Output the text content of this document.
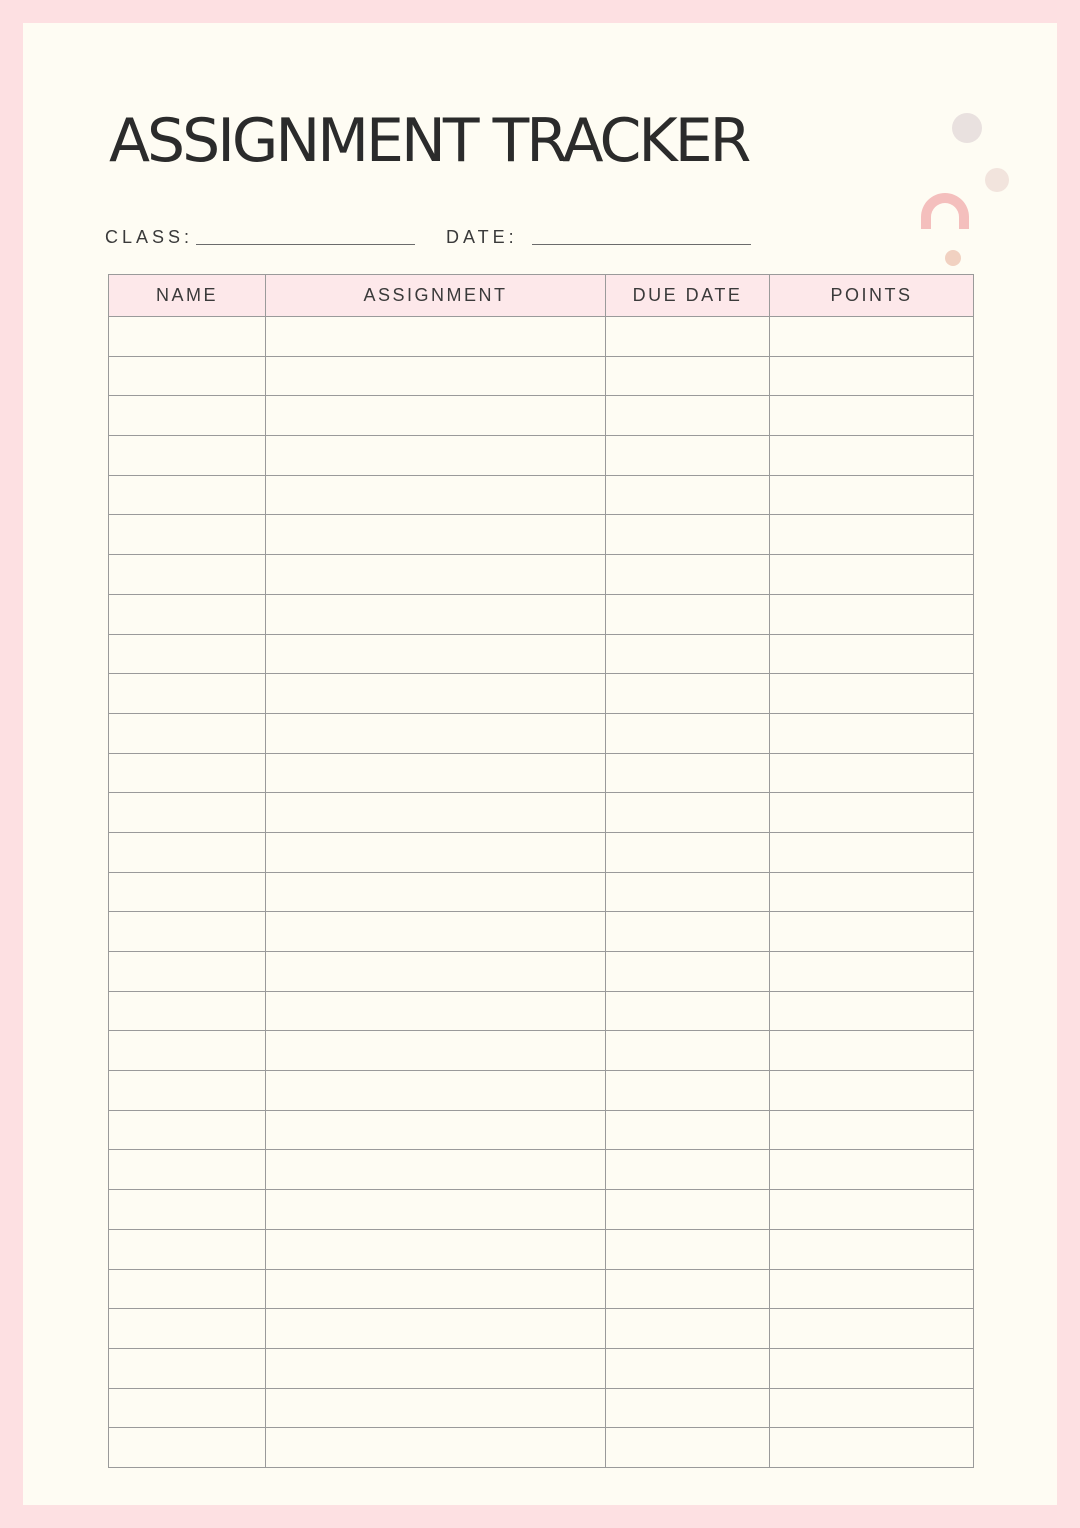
ASSIGNMENT TRACKER
CLASS:	DATE:
NAME	ASSIGNMENT	DUE DATE	POINTS
